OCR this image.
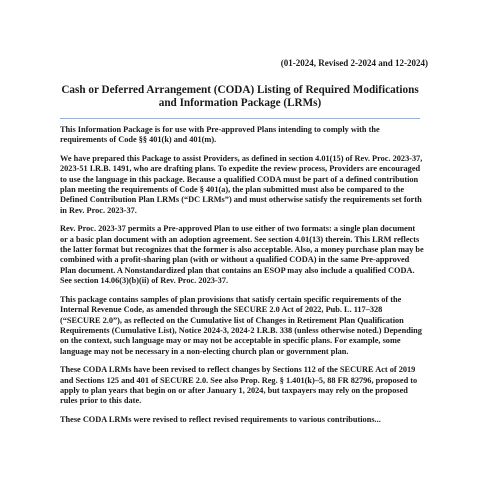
(01-2024, Revised 2-2024 and 12-2024)
Cash or Deferred Arrangement (CODA) Listing of Required Modifications and Information Package (LRMs)

This Information Package is for use with Pre-approved Plans intending to comply with the requirements of Code §§ 401(k) and 401(m).

We have prepared this Package to assist Providers, as defined in section 4.01(15) of Rev. Proc. 2023-37, 2023-51 I.R.B. 1491, who are drafting plans. To expedite the review process, Providers are encouraged to use the language in this package. Because a qualified CODA must be part of a defined contribution plan meeting the requirements of Code § 401(a), the plan submitted must also be compared to the Defined Contribution Plan LRMs (“DC LRMs”) and must otherwise satisfy the requirements set forth in Rev. Proc. 2023-37.

Rev. Proc. 2023-37 permits a Pre-approved Plan to use either of two formats: a single plan document or a basic plan document with an adoption agreement. See section 4.01(13) therein. This LRM reflects the latter format but recognizes that the former is also acceptable. Also, a money purchase plan may be combined with a profit-sharing plan (with or without a qualified CODA) in the same Pre-approved Plan document. A Nonstandardized plan that contains an ESOP may also include a qualified CODA. See section 14.06(3)(b)(ii) of Rev. Proc. 2023-37.

This package contains samples of plan provisions that satisfy certain specific requirements of the Internal Revenue Code, as amended through the SECURE 2.0 Act of 2022, Pub. L. 117–328 (“SECURE 2.0”), as reflected on the Cumulative list of Changes in Retirement Plan Qualification Requirements (Cumulative List), Notice 2024-3, 2024-2 I.R.B. 338 (unless otherwise noted.) Depending on the context, such language may or may not be acceptable in specific plans. For example, some language may not be necessary in a non-electing church plan or government plan.

These CODA LRMs have been revised to reflect changes by Sections 112 of the SECURE Act of 2019 and Sections 125 and 401 of SECURE 2.0. See also Prop. Reg. § 1.401(k)–5, 88 FR 82796, proposed to apply to plan years that begin on or after January 1, 2024, but taxpayers may rely on the proposed rules prior to this date.

These CODA LRMs were revised to reflect revised requirements to various contributions...
